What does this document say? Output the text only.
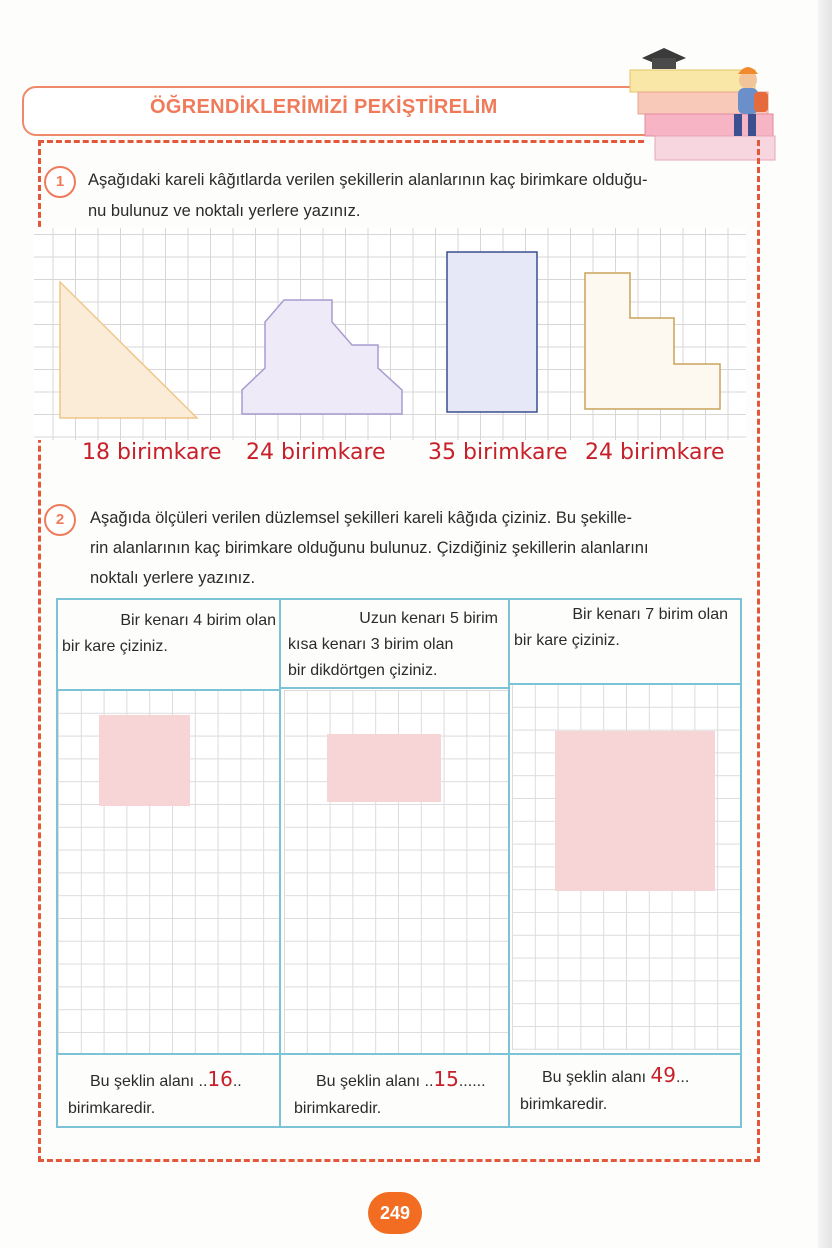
ÖĞRENDİKLERİMİZİ PEKİŞTİRELİM
1	Aşağıdaki kareli kâğıtlarda verilen şekillerin alanlarının kaç birimkare olduğu-
nu bulunuz ve noktalı yerlere yazınız.
18 birimkare 24 birimkare 35 birimkare 24 birimkare
2	Aşağıda ölçüleri verilen düzlemsel şekilleri kareli kâğıda çiziniz. Bu şekille-
rin alanlarının kaç birimkare olduğunu bulunuz. Çizdiğiniz şekillerin alanlarını
noktalı yerlere yazınız.
Bir kenarı 4 birim olan
bir kare çiziniz.
Uzun kenarı 5 birim
kısa kenarı 3 birim olan
bir dikdörtgen çiziniz.
Bir kenarı 7 birim olan
bir kare çiziniz.
Bu şeklin alanı ..16..
birimkaredir.
Bu şeklin alanı ..15......
birimkaredir.
Bu şeklin alanı 49...
birimkaredir.
249
